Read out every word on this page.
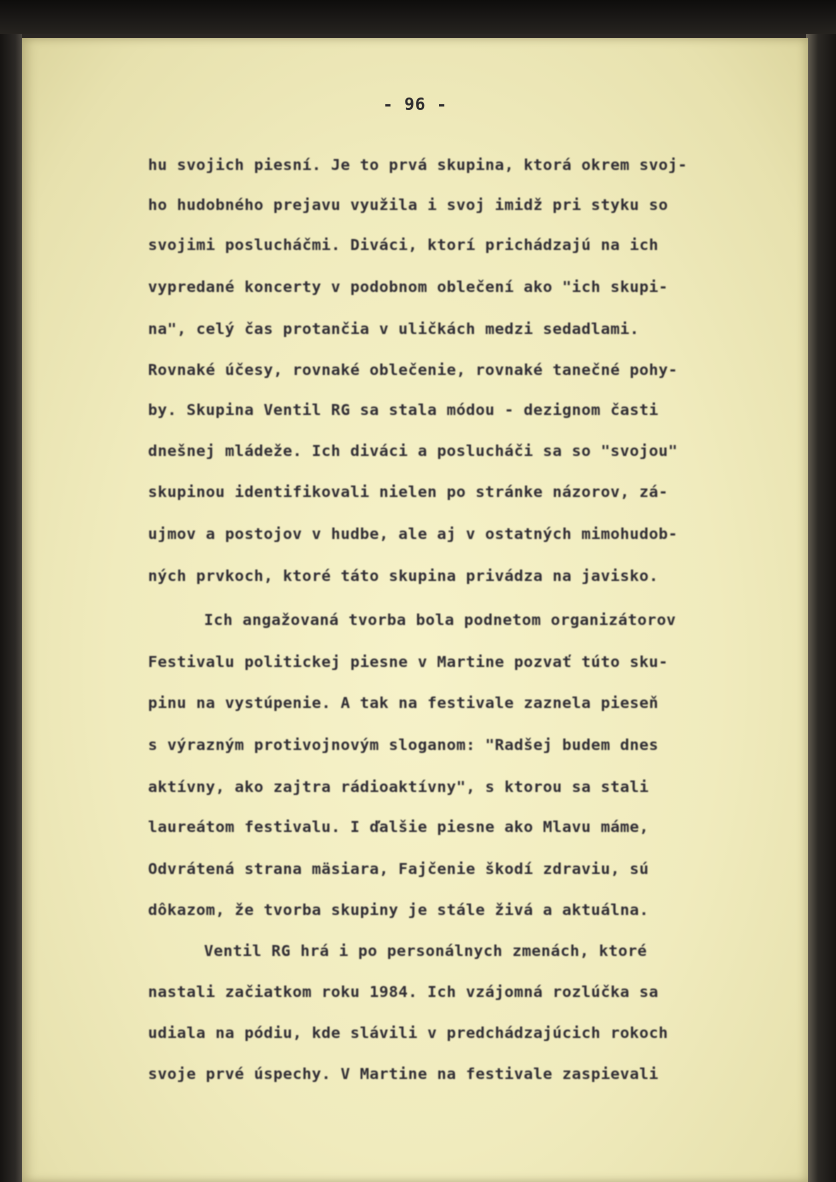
- 96 -
hu svojich piesní. Je to prvá skupina, ktorá okrem svoj-
ho hudobného prejavu využila i svoj imidž pri styku so
svojimi poslucháčmi. Diváci, ktorí prichádzajú na ich
vypredané koncerty v podobnom oblečení ako "ich skupi-
na", celý čas protančia v uličkách medzi sedadlami.
Rovnaké účesy, rovnaké oblečenie, rovnaké tanečné pohy-
by. Skupina Ventil RG sa stala módou - dezignom časti
dnešnej mládeže. Ich diváci a poslucháči sa so "svojou"
skupinou identifikovali nielen po stránke názorov, zá-
ujmov a postojov v hudbe, ale aj v ostatných mimohudob-
ných prvkoch, ktoré táto skupina privádza na javisko.
Ich angažovaná tvorba bola podnetom organizátorov
Festivalu politickej piesne v Martine pozvať túto sku-
pinu na vystúpenie. A tak na festivale zaznela pieseň
s výrazným protivojnovým sloganom: "Radšej budem dnes
aktívny, ako zajtra rádioaktívny", s ktorou sa stali
laureátom festivalu. I ďalšie piesne ako Mlavu máme,
Odvrátená strana mäsiara, Fajčenie škodí zdraviu, sú
dôkazom, že tvorba skupiny je stále živá a aktuálna.
Ventil RG hrá i po personálnych zmenách, ktoré
nastali začiatkom roku 1984. Ich vzájomná rozlúčka sa
udiala na pódiu, kde slávili v predchádzajúcich rokoch
svoje prvé úspechy. V Martine na festivale zaspievali
